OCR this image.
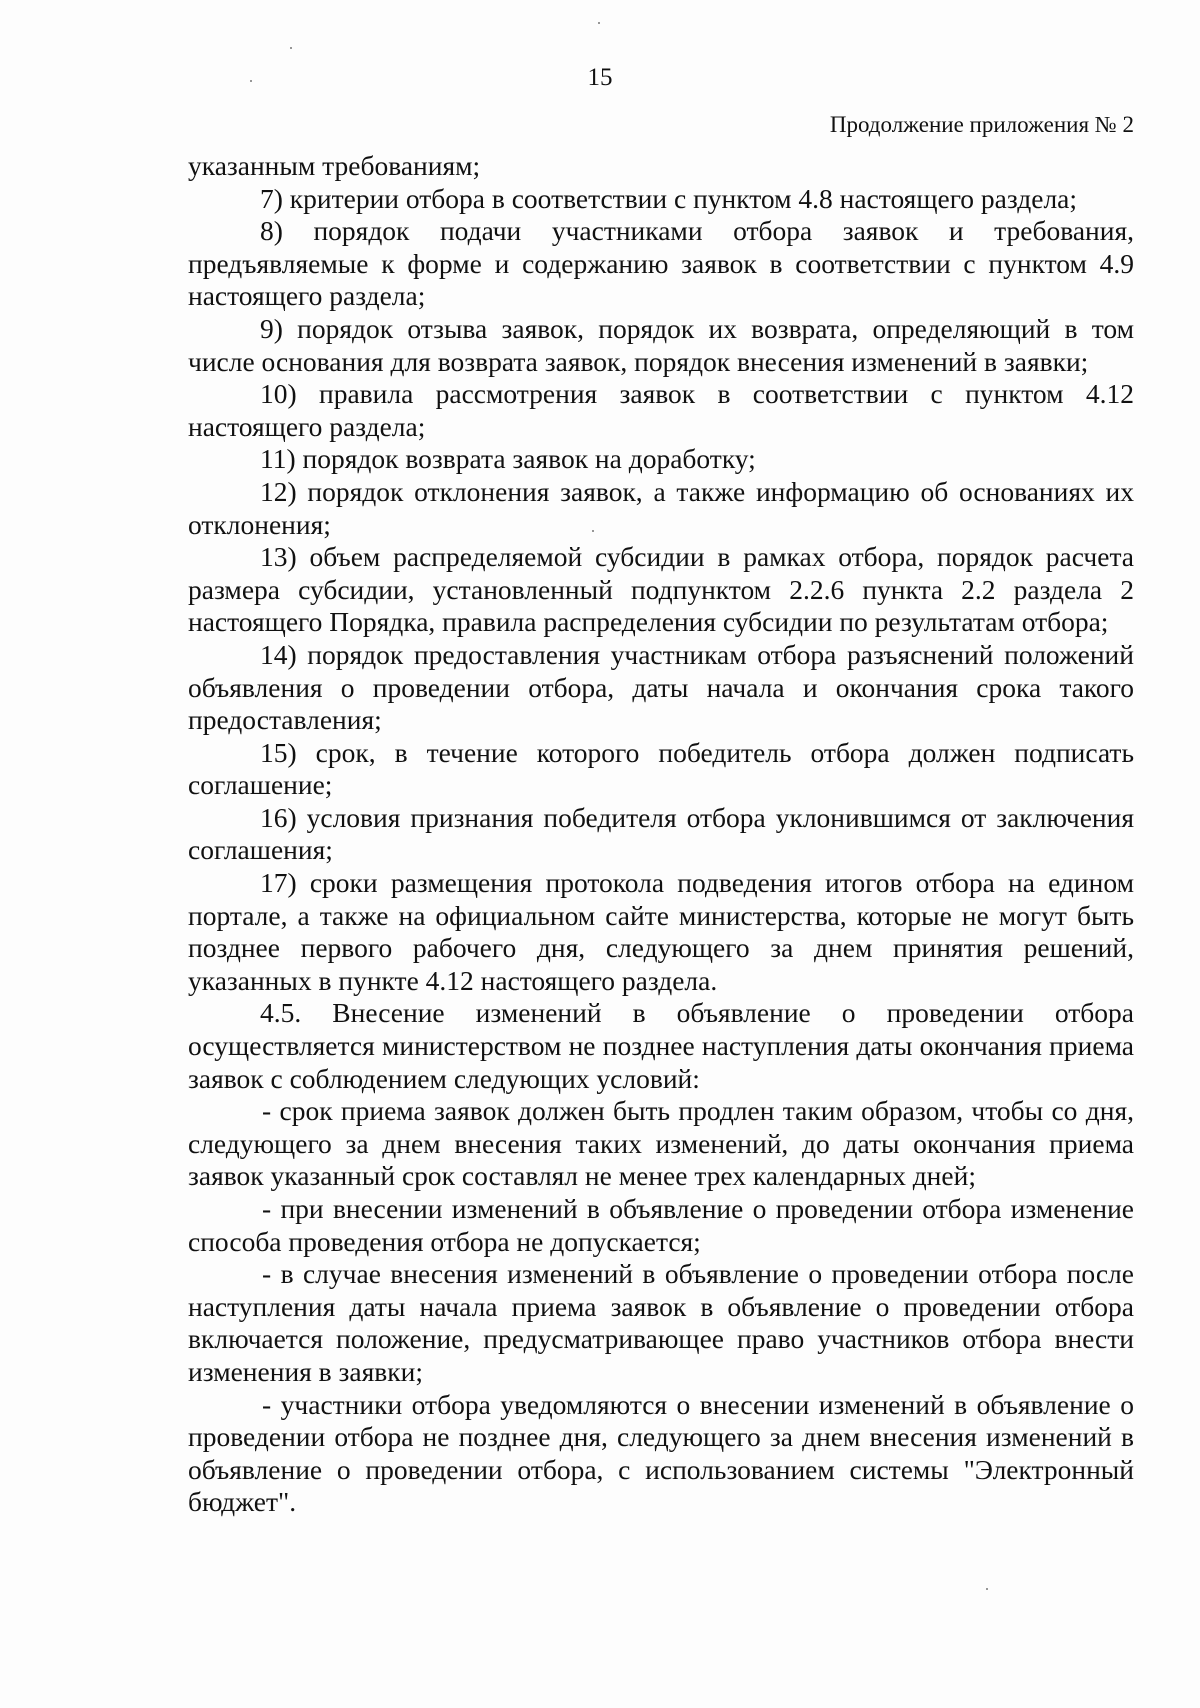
15
Продолжение приложения № 2

указанным требованиям;

7) критерии отбора в соответствии с пунктом 4.8 настоящего раздела;

8) порядок подачи участниками отбора заявок и требования, предъявляемые к форме и содержанию заявок в соответствии с пунктом 4.9 настоящего раздела;

9) порядок отзыва заявок, порядок их возврата, определяющий в том числе основания для возврата заявок, порядок внесения изменений в заявки;

10) правила рассмотрения заявок в соответствии с пунктом 4.12 настоящего раздела;

11) порядок возврата заявок на доработку;

12) порядок отклонения заявок, а также информацию об основаниях их отклонения;

13) объем распределяемой субсидии в рамках отбора, порядок расчета размера субсидии, установленный подпунктом 2.2.6 пункта 2.2 раздела 2 настоящего Порядка, правила распределения субсидии по результатам отбора;

14) порядок предоставления участникам отбора разъяснений положений объявления о проведении отбора, даты начала и окончания срока такого предоставления;

15) срок, в течение которого победитель отбора должен подписать соглашение;

16) условия признания победителя отбора уклонившимся от заключения соглашения;

17) сроки размещения протокола подведения итогов отбора на едином портале, а также на официальном сайте министерства, которые не могут быть позднее первого рабочего дня, следующего за днем принятия решений, указанных в пункте 4.12 настоящего раздела.

4.5. Внесение изменений в объявление о проведении отбора осуществляется министерством не позднее наступления даты окончания приема заявок с соблюдением следующих условий:

- срок приема заявок должен быть продлен таким образом, чтобы со дня, следующего за днем внесения таких изменений, до даты окончания приема заявок указанный срок составлял не менее трех календарных дней;

- при внесении изменений в объявление о проведении отбора изменение способа проведения отбора не допускается;

- в случае внесения изменений в объявление о проведении отбора после наступления даты начала приема заявок в объявление о проведении отбора включается положение, предусматривающее право участников отбора внести изменения в заявки;

- участники отбора уведомляются о внесении изменений в объявление о проведении отбора не позднее дня, следующего за днем внесения изменений в объявление о проведении отбора, с использованием системы "Электронный бюджет".
